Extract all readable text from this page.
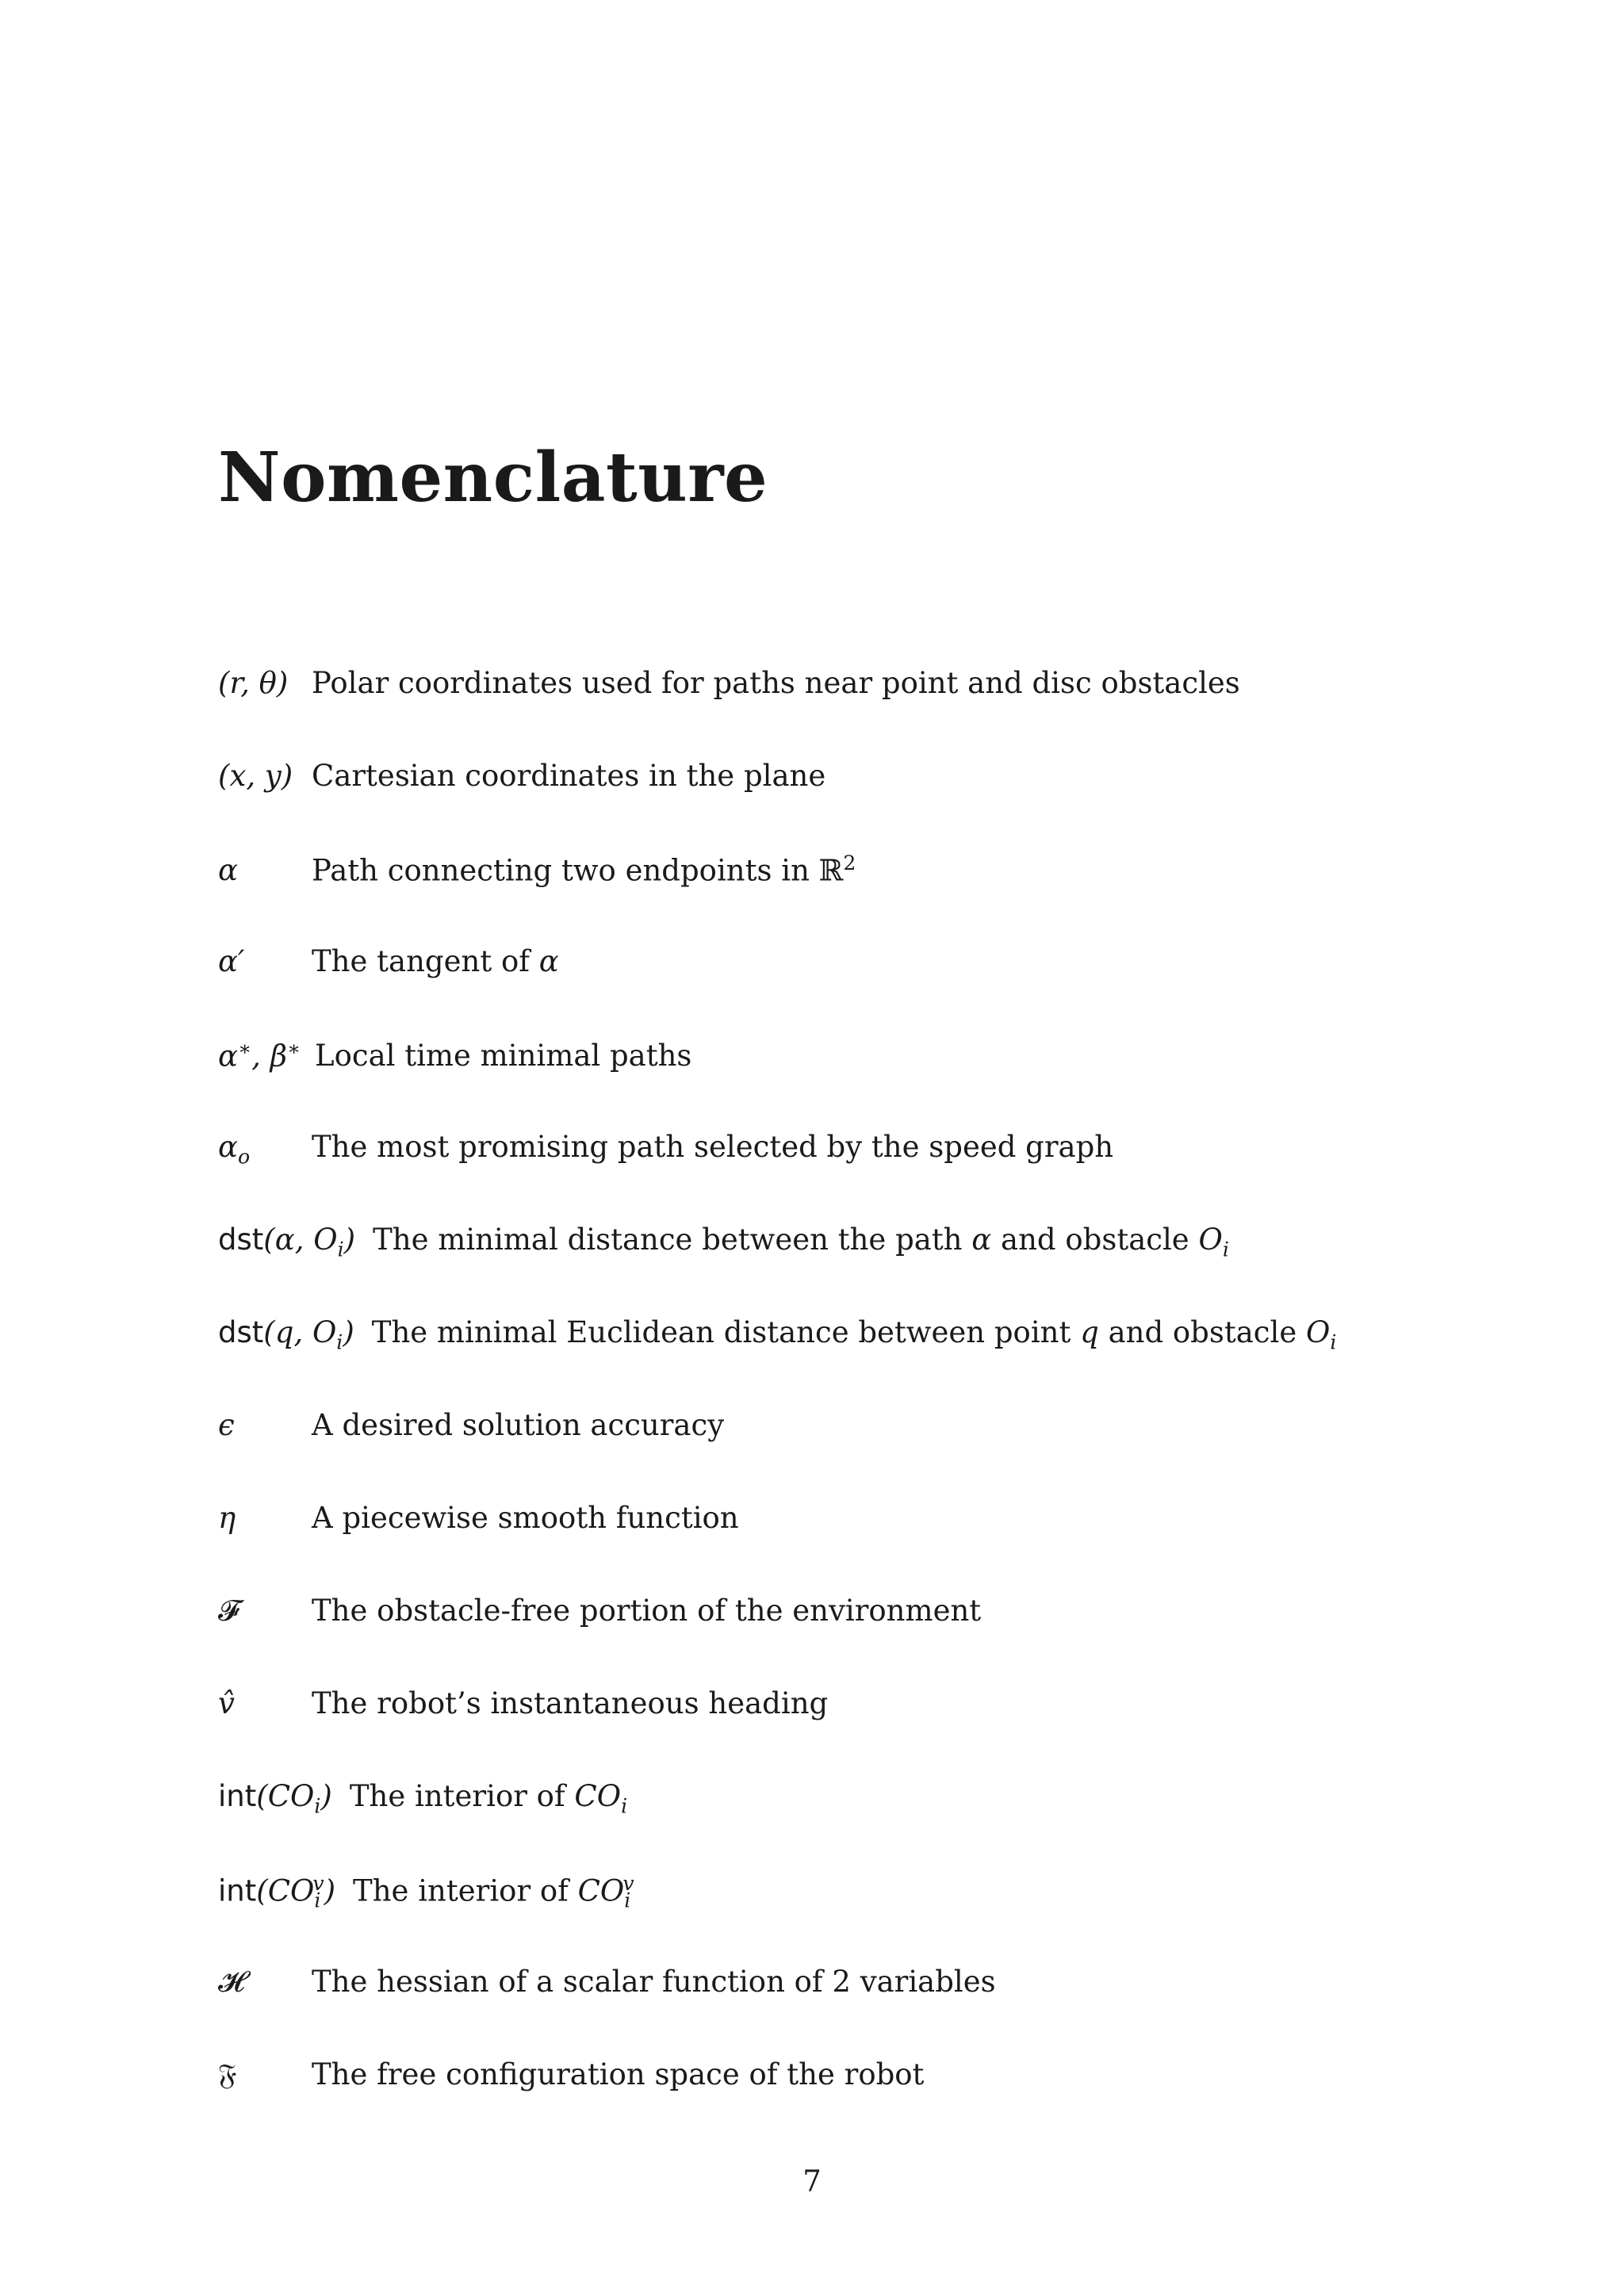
Nomenclature
(r, θ) Polar coordinates used for paths near point and disc obstacles
(x, y) Cartesian coordinates in the plane
α	Path connecting two endpoints in ℝ$^2$
α′	The tangent of α
α∗, β∗ Local time minimal paths
$\alpha_o$	The most promising path selected by the speed graph
dst(α, $O_i$) The minimal distance between the path α and obstacle $O_i$
dst(q, $O_i$) The minimal Euclidean distance between point q and obstacle $O_i$
ϵ	A desired solution accuracy
η	A piecewise smooth function
𝓕	The obstacle-free portion of the environment
v̂	The robot’s instantaneous heading
$int(CO_i)$ The interior of $CO_i$
$int(CO_i^v)$ The interior of $CO_i^v$
𝓗	The hessian of a scalar function of 2 variables
𝔉	The free configuration space of the robot
7
